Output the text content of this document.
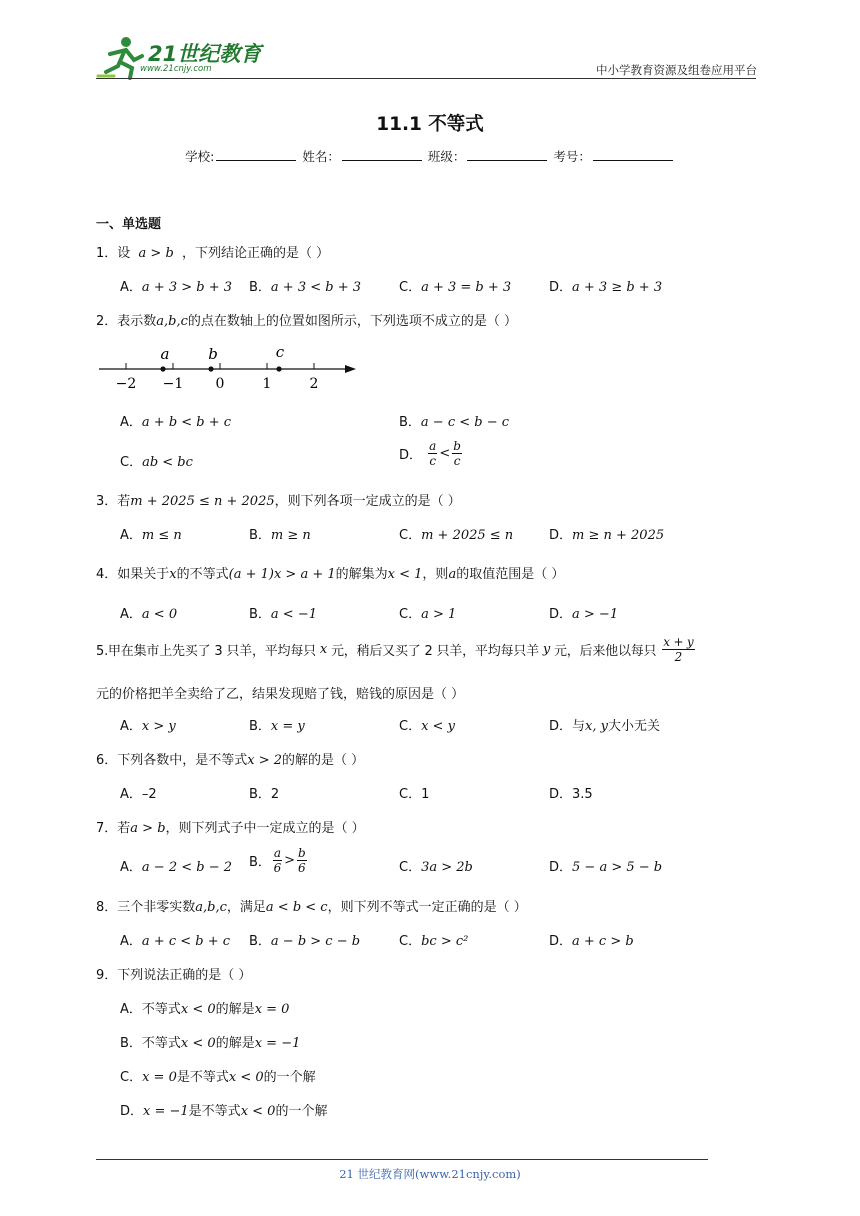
21世纪教育
www.21cnjy.com	中小学教育资源及组卷应用平台
11.1 不等式
学校:	姓名：	班级：	考号：
一、单选题
1．设 a > b ，下列结论正确的是（ ）
A．a + 3 > b + 3 B．a + 3 < b + 3	C．a + 3 = b + 3	D．a + 3 ≥ b + 3
2．表示数a,b,c的点在数轴上的位置如图所示，下列选项不成立的是（ ）
a	b	c
−2 −1 0	1	2
A．a + b < b + c	B．a − c < b − c
C．ab < bc	D． $\frac{a}{c} < \frac{b}{c}$
3．若m + 2025 ≤ n + 2025，则下列各项一定成立的是（ ）
A．m ≤ n	B．m ≥ n	C．m + 2025 ≤ n	D．m ≥ n + 2025
4．如果关于x的不等式(a + 1)x > a + 1的解集为x < 1，则a的取值范围是（ ）
A．a < 0	B．a < −1	C．a > 1	D．a > −1
5.甲在集市上先买了 3 只羊，平均每只 x 元，稍后又买了 2 只羊，平均每只羊 y 元，后来他以每只 $\frac{x + y}{2}$
元的价格把羊全卖给了乙，结果发现赔了钱，赔钱的原因是（ ）
A．x > y	B．x = y	C．x < y	D．与x, y大小无关
6．下列各数中，是不等式x > 2的解的是（ ）
A．–2	B．2	C．1	D．3.5
7．若a > b，则下列式子中一定成立的是（ ）
A．a − 2 < b − 2 B． $\frac{a}{6} > \frac{b}{6}$	C．3a > 2b	D．5 − a > 5 − b
8．三个非零实数a,b,c，满足a < b < c，则下列不等式一定正确的是（ ）
A．a + c < b + c B．a − b > c − b	C．bc > c²	D．a + c > b
9．下列说法正确的是（ ）
A．不等式x < 0的解是x = 0
B．不等式x < 0的解是x = −1
C．x = 0是不等式x < 0的一个解
D．x = −1是不等式x < 0的一个解
21 世纪教育网(www.21cnjy.com)
